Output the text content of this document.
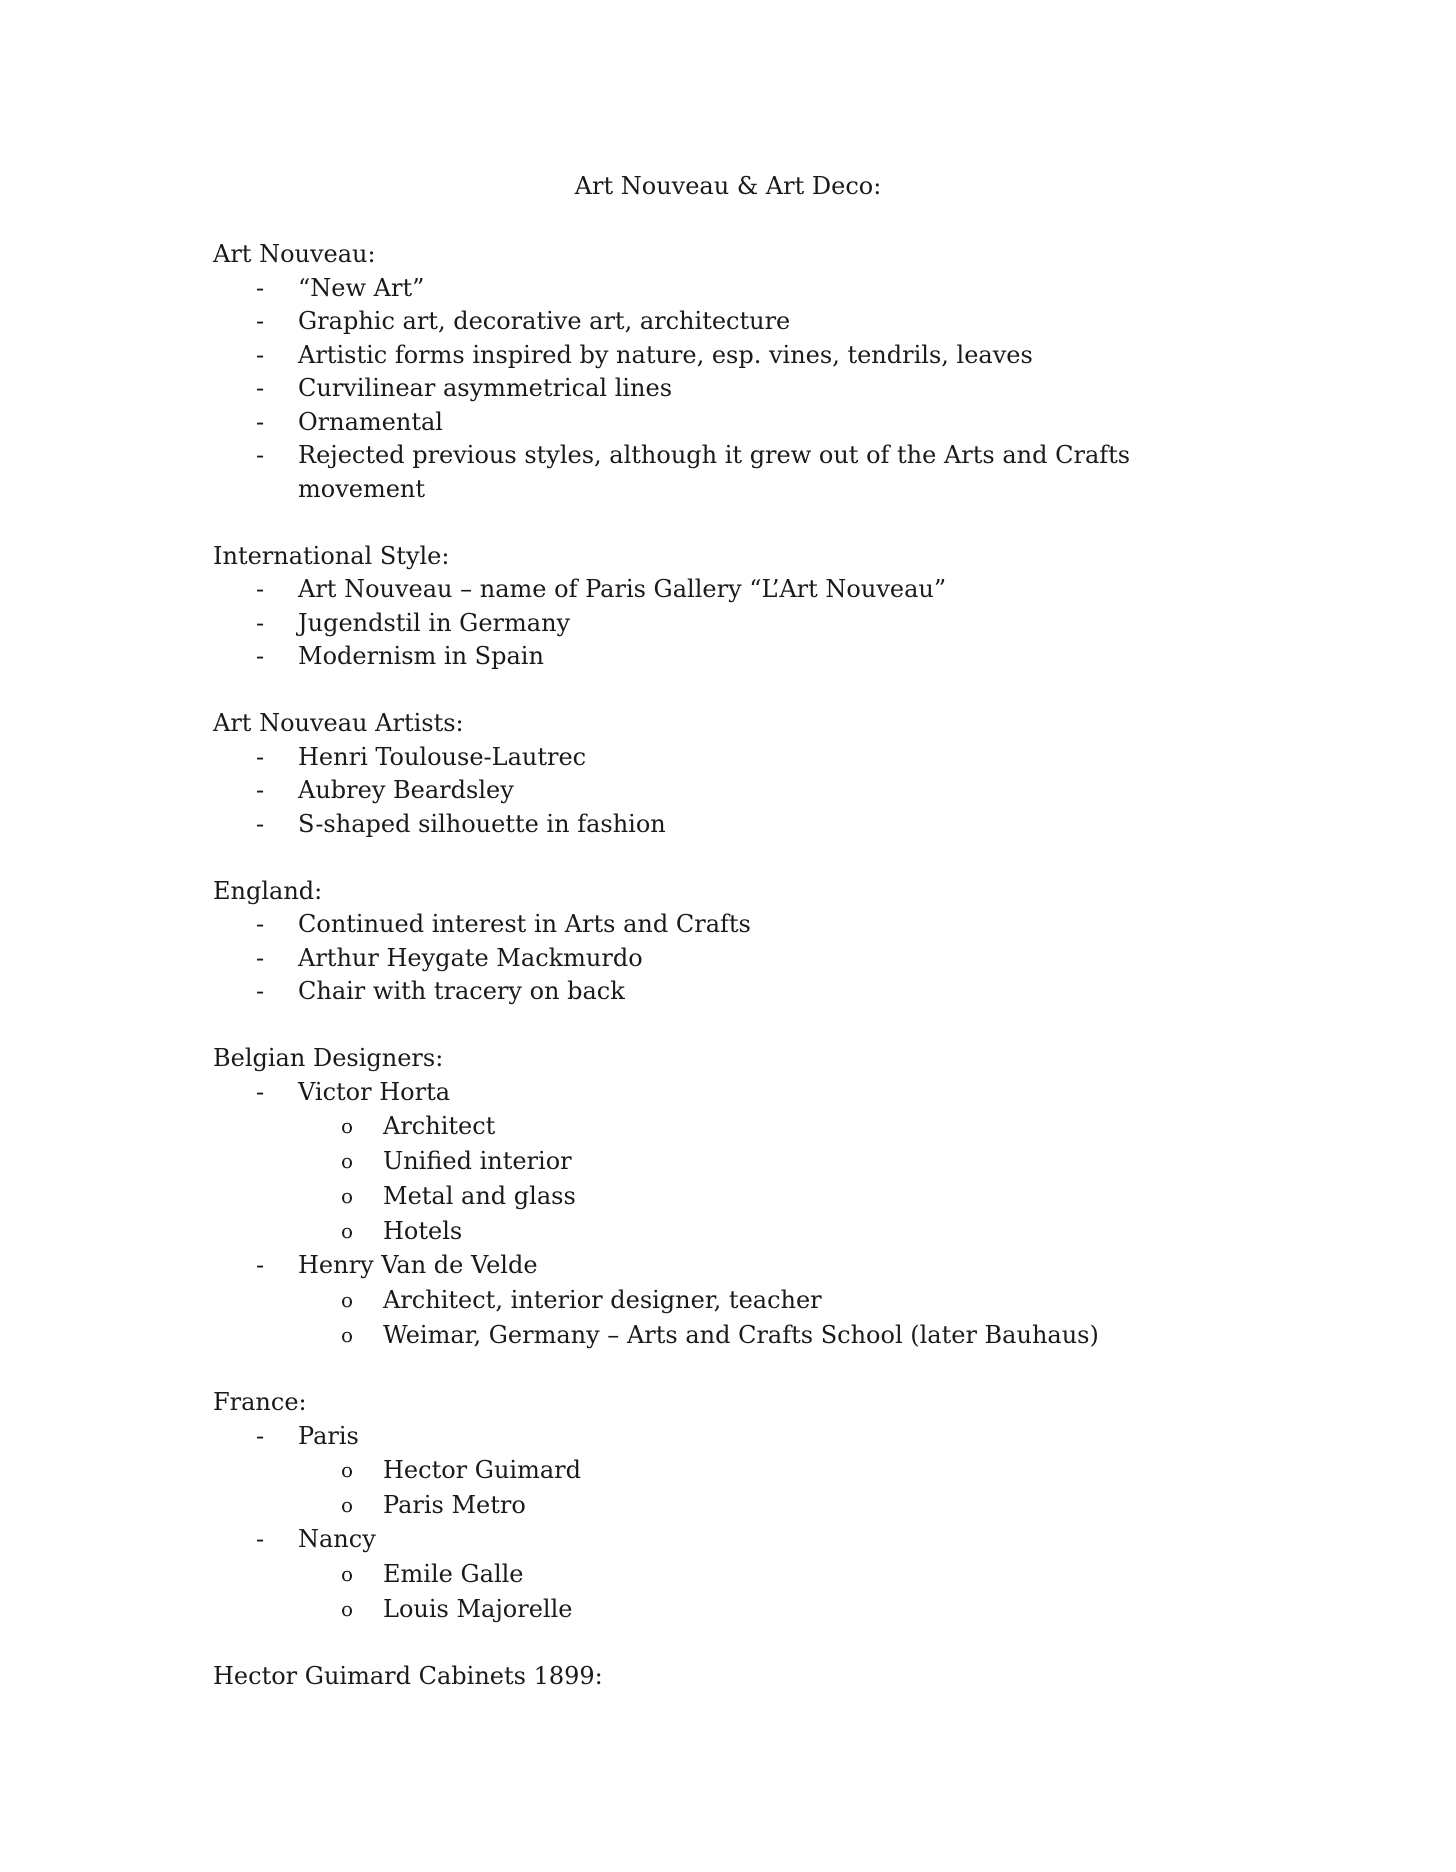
Art Nouveau & Art Deco:
Art Nouveau:
- “New Art”
- Graphic art, decorative art, architecture
- Artistic forms inspired by nature, esp. vines, tendrils, leaves
- Curvilinear asymmetrical lines
- Ornamental
- Rejected previous styles, although it grew out of the Arts and Crafts movement
International Style:
- Art Nouveau – name of Paris Gallery “L’Art Nouveau”
- Jugendstil in Germany
- Modernism in Spain
Art Nouveau Artists:
- Henri Toulouse-Lautrec
- Aubrey Beardsley
- S-shaped silhouette in fashion
England:
- Continued interest in Arts and Crafts
- Arthur Heygate Mackmurdo
- Chair with tracery on back
Belgian Designers:
- Victor Horta
o Architect
o Unified interior
o Metal and glass
o Hotels
- Henry Van de Velde
o Architect, interior designer, teacher
o Weimar, Germany – Arts and Crafts School (later Bauhaus)
France:
- Paris
o Hector Guimard
o Paris Metro
- Nancy
o Emile Galle
o Louis Majorelle
Hector Guimard Cabinets 1899:
